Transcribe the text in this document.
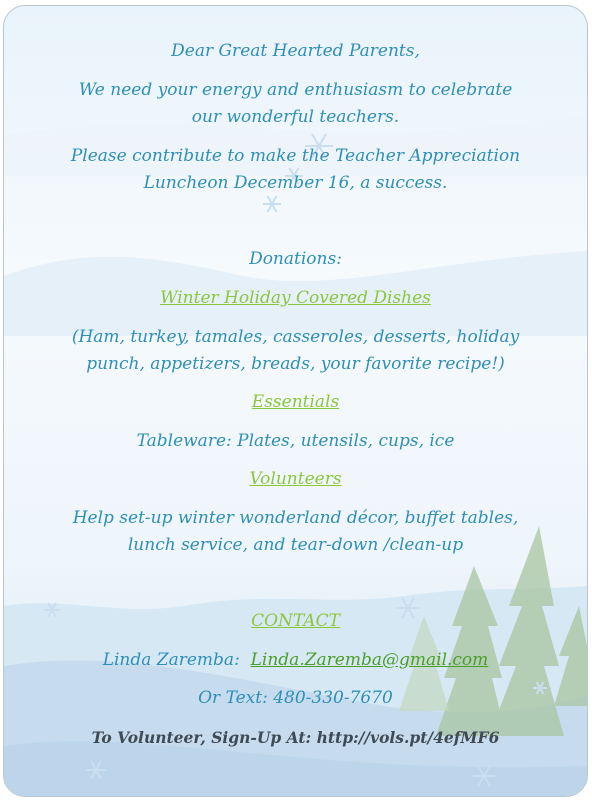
Dear Great Hearted Parents,
We need your energy and enthusiasm to celebrate
our wonderful teachers.
Please contribute to make the Teacher Appreciation
Luncheon December 16, a success.
Donations:
Winter Holiday Covered Dishes
(Ham, turkey, tamales, casseroles, desserts, holiday
punch, appetizers, breads, your favorite recipe!)
Essentials
Tableware: Plates, utensils, cups, ice
Volunteers
Help set-up winter wonderland décor, buffet tables,
lunch service, and tear-down /clean-up
CONTACT
Linda Zaremba: Linda.Zaremba@gmail.com
Or Text: 480-330-7670
To Volunteer, Sign-Up At: http://vols.pt/4efMF6
